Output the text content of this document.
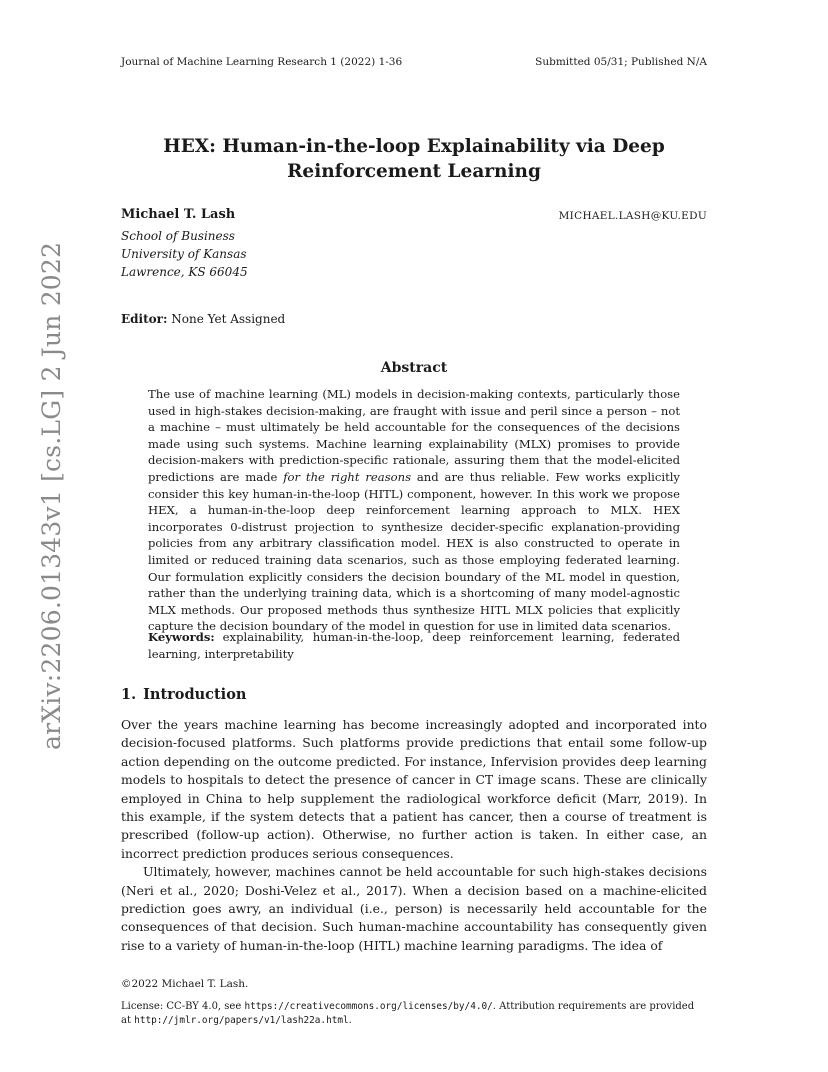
Journal of Machine Learning Research 1 (2022) 1-36	Submitted 05/31; Published N/A
HEX: Human-in-the-loop Explainability via Deep Reinforcement Learning
Michael T. Lash	MICHAEL.LASH@KU.EDU
School of Business
University of Kansas
Lawrence, KS 66045
Editor: None Yet Assigned
arXiv:2206.01343v1 [cs.LG] 2 Jun 2022	Abstract

The use of machine learning (ML) models in decision-making contexts, particularly those used in high-stakes decision-making, are fraught with issue and peril since a person – not a machine – must ultimately be held accountable for the consequences of the decisions made using such systems. Machine learning explainability (MLX) promises to provide decision-makers with prediction-specific rationale, assuring them that the model-elicited predictions are made for the right reasons and are thus reliable. Few works explicitly consider this key human-in-the-loop (HITL) component, however. In this work we propose HEX, a human-in-the-loop deep reinforcement learning approach to MLX. HEX incorporates 0-distrust projection to synthesize decider-specific explanation-providing policies from any arbitrary classification model. HEX is also constructed to operate in limited or reduced training data scenarios, such as those employing federated learning. Our formulation explicitly considers the decision boundary of the ML model in question, rather than the underlying training data, which is a shortcoming of many model-agnostic MLX methods. Our proposed methods thus synthesize HITL MLX policies that explicitly capture the decision boundary of the model in question for use in limited data scenarios.

Keywords: explainability, human-in-the-loop, deep reinforcement learning, federated learning, interpretability
1. Introduction

Over the years machine learning has become increasingly adopted and incorporated into decision-focused platforms. Such platforms provide predictions that entail some follow-up action depending on the outcome predicted. For instance, Infervision provides deep learning models to hospitals to detect the presence of cancer in CT image scans. These are clinically employed in China to help supplement the radiological workforce deficit (Marr, 2019). In this example, if the system detects that a patient has cancer, then a course of treatment is prescribed (follow-up action). Otherwise, no further action is taken. In either case, an incorrect prediction produces serious consequences.

Ultimately, however, machines cannot be held accountable for such high-stakes decisions (Neri et al., 2020; Doshi-Velez et al., 2017). When a decision based on a machine-elicited prediction goes awry, an individual (i.e., person) is necessarily held accountable for the consequences of that decision. Such human-machine accountability has consequently given rise to a variety of human-in-the-loop (HITL) machine learning paradigms. The idea of

©2022 Michael T. Lash.
License: CC-BY 4.0, see https://creativecommons.org/licenses/by/4.0/. Attribution requirements are provided at http://jmlr.org/papers/v1/lash22a.html.
